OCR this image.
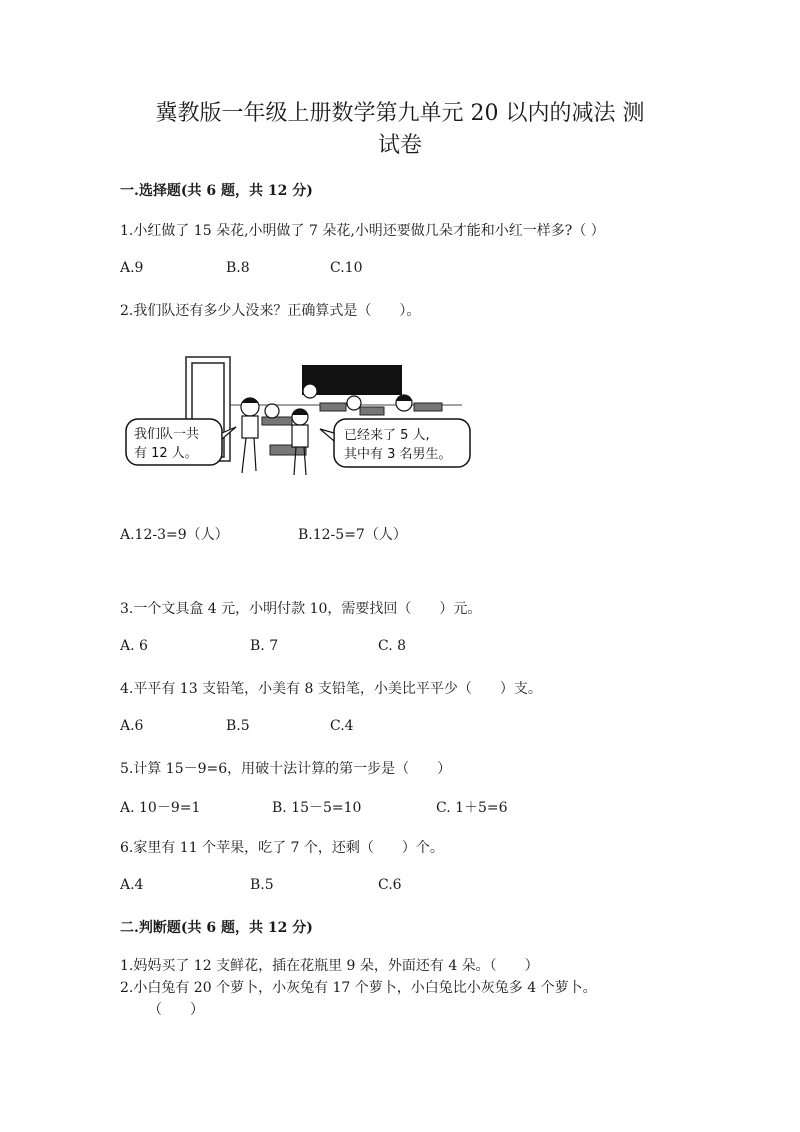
冀教版一年级上册数学第九单元 20 以内的减法 测
试卷
一.选择题(共 6 题，共 12 分)
1.小红做了 15 朵花,小明做了 7 朵花,小明还要做几朵才能和小红一样多?（ ）
A.9	B.8	C.10
2.我们队还有多少人没来？正确算式是（　　）。
我们队一共
有 12 人。
已经来了 5 人,
其中有 3 名男生。
A.12-3=9（人）	B.12-5=7（人）
3.一个文具盒 4 元，小明付款 10，需要找回（　　）元。
A. 6	B. 7	C. 8
4.平平有 13 支铅笔，小美有 8 支铅笔，小美比平平少（　　）支。
A.6	B.5	C.4
5.计算 15－9=6，用破十法计算的第一步是（　　）
A. 10－9=1	B. 15－5=10	C. 1＋5=6
6.家里有 11 个苹果，吃了 7 个，还剩（　　）个。
A.4	B.5	C.6
二.判断题(共 6 题，共 12 分)
1.妈妈买了 12 支鲜花，插在花瓶里 9 朵，外面还有 4 朵。（　　）
2.小白兔有 20 个萝卜，小灰兔有 17 个萝卜，小白兔比小灰兔多 4 个萝卜。
（　　）
